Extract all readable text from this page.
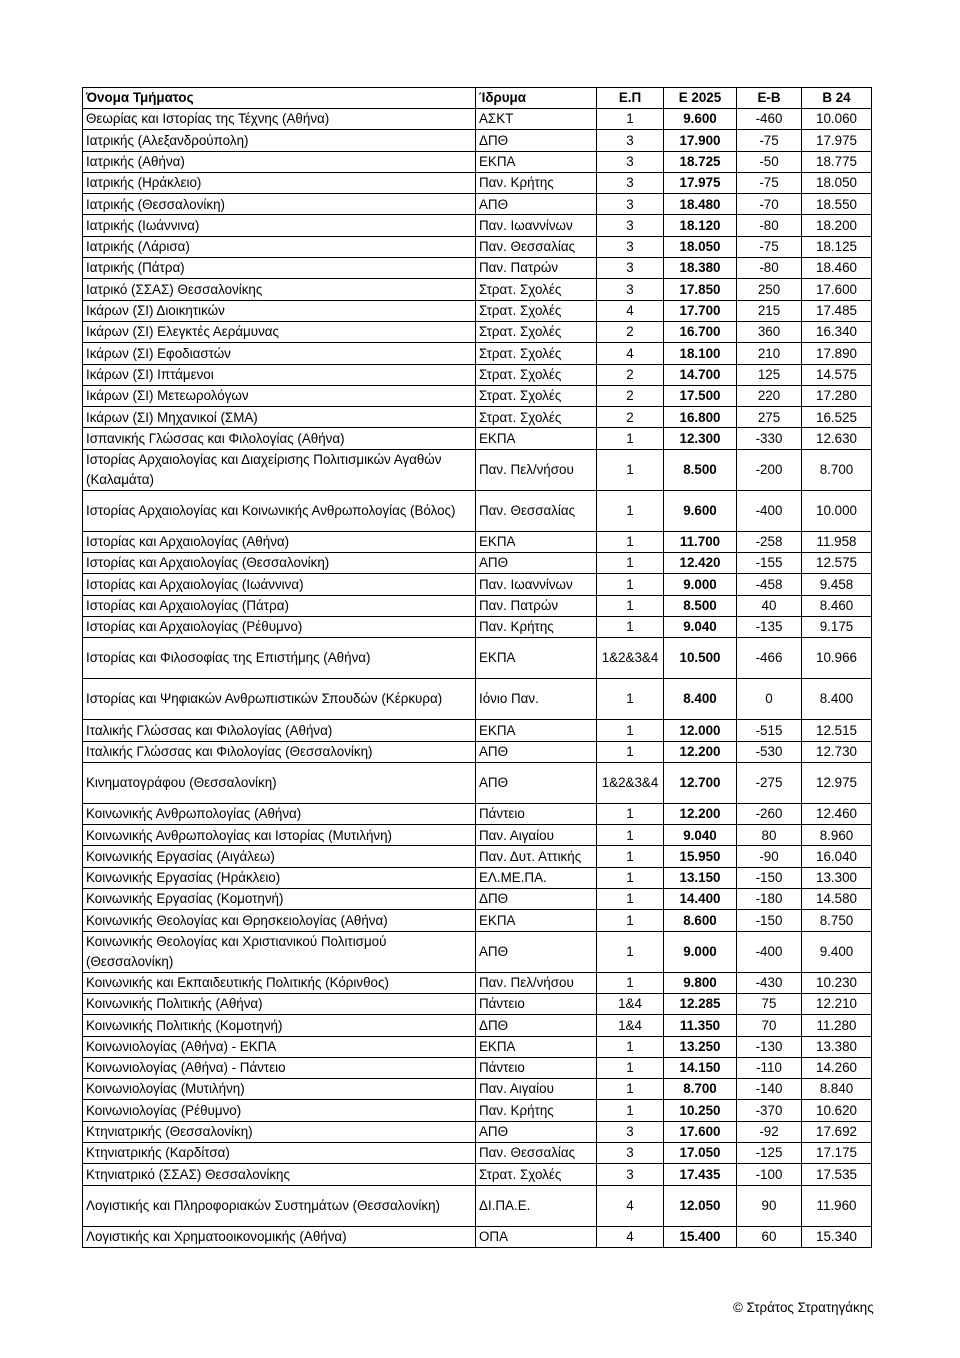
Όνομα Τμήματος	Ίδρυμα	Ε.Π	Ε 2025	Ε-Β	Β 24
Θεωρίας και Ιστορίας της Τέχνης (Αθήνα)	ΑΣΚΤ	1	9.600	-460	10.060
Ιατρικής (Αλεξανδρούπολη)	ΔΠΘ	3	17.900	-75	17.975
Ιατρικής (Αθήνα)	ΕΚΠΑ	3	18.725	-50	18.775
Ιατρικής (Ηράκλειο)	Παν. Κρήτης	3	17.975	-75	18.050
Ιατρικής (Θεσσαλονίκη)	ΑΠΘ	3	18.480	-70	18.550
Ιατρικής (Ιωάννινα)	Παν. Ιωαννίνων	3	18.120	-80	18.200
Ιατρικής (Λάρισα)	Παν. Θεσσαλίας	3	18.050	-75	18.125
Ιατρικής (Πάτρα)	Παν. Πατρών	3	18.380	-80	18.460
Ιατρικό (ΣΣΑΣ) Θεσσαλονίκης	Στρατ. Σχολές	3	17.850	250	17.600
Ικάρων (ΣΙ) Διοικητικών	Στρατ. Σχολές	4	17.700	215	17.485
Ικάρων (ΣΙ) Ελεγκτές Αεράμυνας	Στρατ. Σχολές	2	16.700	360	16.340
Ικάρων (ΣΙ) Εφοδιαστών	Στρατ. Σχολές	4	18.100	210	17.890
Ικάρων (ΣΙ) Ιπτάμενοι	Στρατ. Σχολές	2	14.700	125	14.575
Ικάρων (ΣΙ) Μετεωρολόγων	Στρατ. Σχολές	2	17.500	220	17.280
Ικάρων (ΣΙ) Μηχανικοί (ΣΜΑ)	Στρατ. Σχολές	2	16.800	275	16.525
Ισπανικής Γλώσσας και Φιλολογίας (Αθήνα)	ΕΚΠΑ	1	12.300	-330	12.630
Ιστορίας Αρχαιολογίας και Διαχείρισης Πολιτισμικών Αγαθών (Καλαμάτα)	Παν. Πελ/νήσου	1	8.500	-200	8.700
Ιστορίας Αρχαιολογίας και Κοινωνικής Ανθρωπολογίας (Βόλος)	Παν. Θεσσαλίας	1	9.600	-400	10.000
Ιστορίας και Αρχαιολογίας (Αθήνα)	ΕΚΠΑ	1	11.700	-258	11.958
Ιστορίας και Αρχαιολογίας (Θεσσαλονίκη)	ΑΠΘ	1	12.420	-155	12.575
Ιστορίας και Αρχαιολογίας (Ιωάννινα)	Παν. Ιωαννίνων	1	9.000	-458	9.458
Ιστορίας και Αρχαιολογίας (Πάτρα)	Παν. Πατρών	1	8.500	40	8.460
Ιστορίας και Αρχαιολογίας (Ρέθυμνο)	Παν. Κρήτης	1	9.040	-135	9.175
Ιστορίας και Φιλοσοφίας της Επιστήμης (Αθήνα)	ΕΚΠΑ	1&2&3&4	10.500	-466	10.966
Ιστορίας και Ψηφιακών Ανθρωπιστικών Σπουδών (Κέρκυρα)	Ιόνιο Παν.	1	8.400	0	8.400
Ιταλικής Γλώσσας και Φιλολογίας (Αθήνα)	ΕΚΠΑ	1	12.000	-515	12.515
Ιταλικής Γλώσσας και Φιλολογίας (Θεσσαλονίκη)	ΑΠΘ	1	12.200	-530	12.730
Κινηματογράφου (Θεσσαλονίκη)	ΑΠΘ	1&2&3&4	12.700	-275	12.975
Κοινωνικής Ανθρωπολογίας (Αθήνα)	Πάντειο	1	12.200	-260	12.460
Κοινωνικής Ανθρωπολογίας και Ιστορίας (Μυτιλήνη)	Παν. Αιγαίου	1	9.040	80	8.960
Κοινωνικής Εργασίας (Αιγάλεω)	Παν. Δυτ. Αττικής	1	15.950	-90	16.040
Κοινωνικής Εργασίας (Ηράκλειο)	ΕΛ.ΜΕ.ΠΑ.	1	13.150	-150	13.300
Κοινωνικής Εργασίας (Κομοτηνή)	ΔΠΘ	1	14.400	-180	14.580
Κοινωνικής Θεολογίας και Θρησκειολογίας (Αθήνα)	ΕΚΠΑ	1	8.600	-150	8.750
Κοινωνικής Θεολογίας και Χριστιανικού Πολιτισμού (Θεσσαλονίκη)	ΑΠΘ	1	9.000	-400	9.400
Κοινωνικής και Εκπαιδευτικής Πολιτικής (Κόρινθος)	Παν. Πελ/νήσου	1	9.800	-430	10.230
Κοινωνικής Πολιτικής (Αθήνα)	Πάντειο	1&4	12.285	75	12.210
Κοινωνικής Πολιτικής (Κομοτηνή)	ΔΠΘ	1&4	11.350	70	11.280
Κοινωνιολογίας (Αθήνα) - ΕΚΠΑ	ΕΚΠΑ	1	13.250	-130	13.380
Κοινωνιολογίας (Αθήνα) - Πάντειο	Πάντειο	1	14.150	-110	14.260
Κοινωνιολογίας (Μυτιλήνη)	Παν. Αιγαίου	1	8.700	-140	8.840
Κοινωνιολογίας (Ρέθυμνο)	Παν. Κρήτης	1	10.250	-370	10.620
Κτηνιατρικής (Θεσσαλονίκη)	ΑΠΘ	3	17.600	-92	17.692
Κτηνιατρικής (Καρδίτσα)	Παν. Θεσσαλίας	3	17.050	-125	17.175
Κτηνιατρικό (ΣΣΑΣ) Θεσσαλονίκης	Στρατ. Σχολές	3	17.435	-100	17.535
Λογιστικής και Πληροφοριακών Συστημάτων (Θεσσαλονίκη)	ΔΙ.ΠΑ.Ε.	4	12.050	90	11.960
Λογιστικής και Χρηματοοικονομικής (Αθήνα)	ΟΠΑ	4	15.400	60	15.340
© Στράτος Στρατηγάκης
